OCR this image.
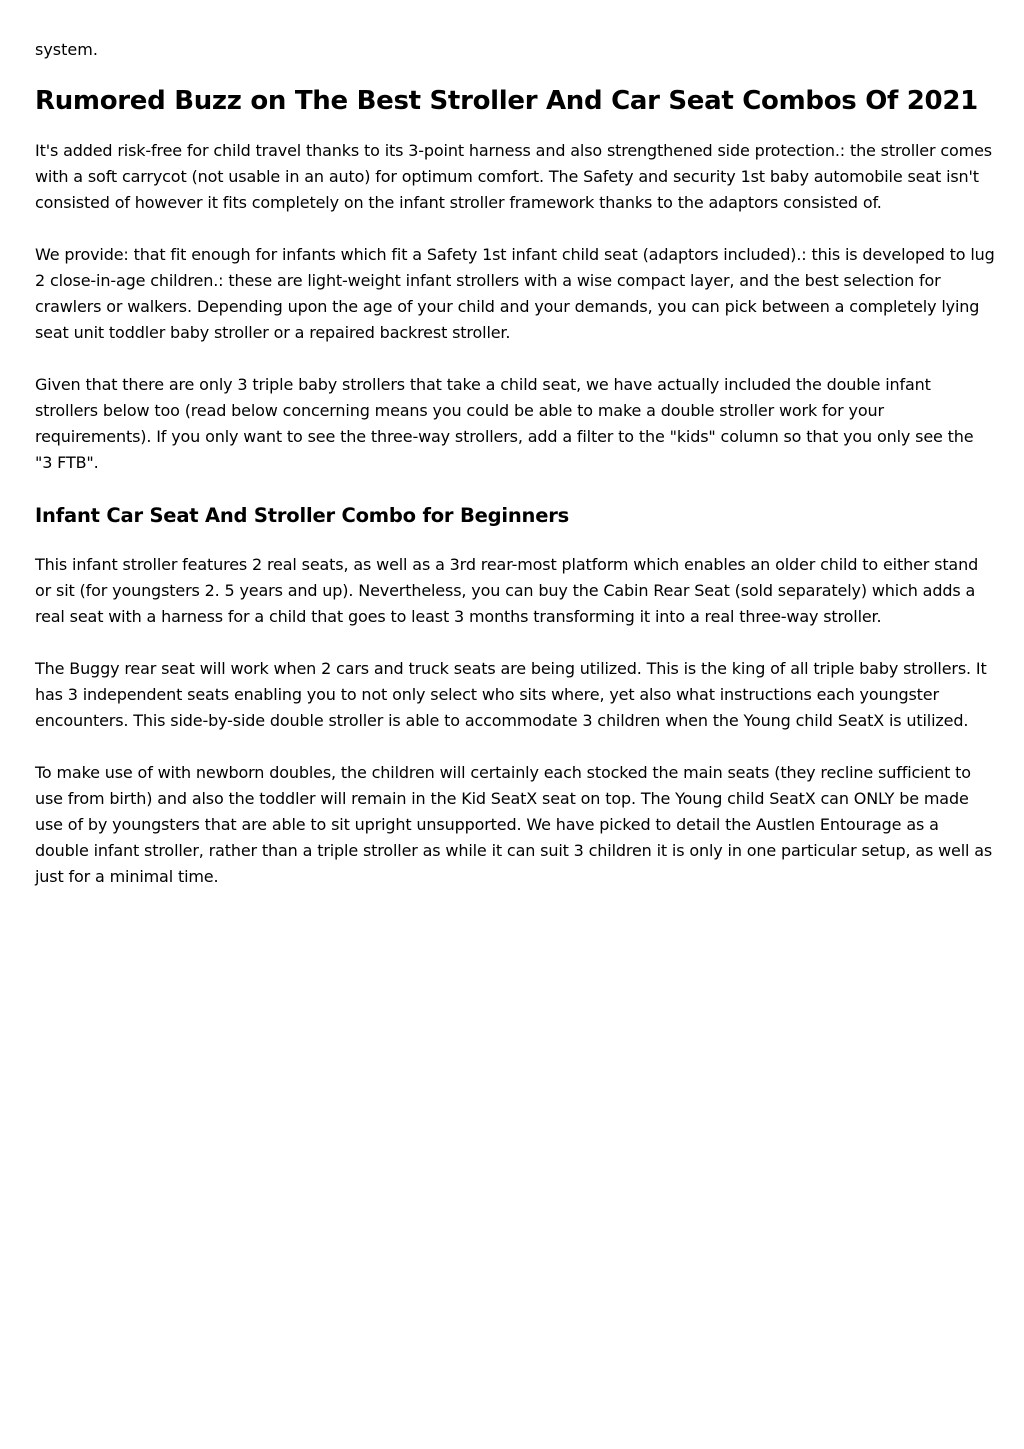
system.

Rumored Buzz on The Best Stroller And Car Seat Combos Of 2021

It's added risk-free for child travel thanks to its 3-point harness and also strengthened side protection.: the stroller comes with a soft carrycot (not usable in an auto) for optimum comfort. The Safety and security 1st baby automobile seat isn't consisted of however it fits completely on the infant stroller framework thanks to the adaptors consisted of.

We provide: that fit enough for infants which fit a Safety 1st infant child seat (adaptors included).: this is developed to lug 2 close-in-age children.: these are light-weight infant strollers with a wise compact layer, and the best selection for crawlers or walkers. Depending upon the age of your child and your demands, you can pick between a completely lying seat unit toddler baby stroller or a repaired backrest stroller.

Given that there are only 3 triple baby strollers that take a child seat, we have actually included the double infant strollers below too (read below concerning means you could be able to make a double stroller work for your requirements). If you only want to see the three-way strollers, add a filter to the "kids" column so that you only see the "3 FTB".

Infant Car Seat And Stroller Combo for Beginners

This infant stroller features 2 real seats, as well as a 3rd rear-most platform which enables an older child to either stand or sit (for youngsters 2. 5 years and up). Nevertheless, you can buy the Cabin Rear Seat (sold separately) which adds a real seat with a harness for a child that goes to least 3 months transforming it into a real three-way stroller.

The Buggy rear seat will work when 2 cars and truck seats are being utilized. This is the king of all triple baby strollers. It has 3 independent seats enabling you to not only select who sits where, yet also what instructions each youngster encounters. This side-by-side double stroller is able to accommodate 3 children when the Young child SeatX is utilized.

To make use of with newborn doubles, the children will certainly each stocked the main seats (they recline sufficient to use from birth) and also the toddler will remain in the Kid SeatX seat on top. The Young child SeatX can ONLY be made use of by youngsters that are able to sit upright unsupported. We have picked to detail the Austlen Entourage as a double infant stroller, rather than a triple stroller as while it can suit 3 children it is only in one particular setup, as well as just for a minimal time.
